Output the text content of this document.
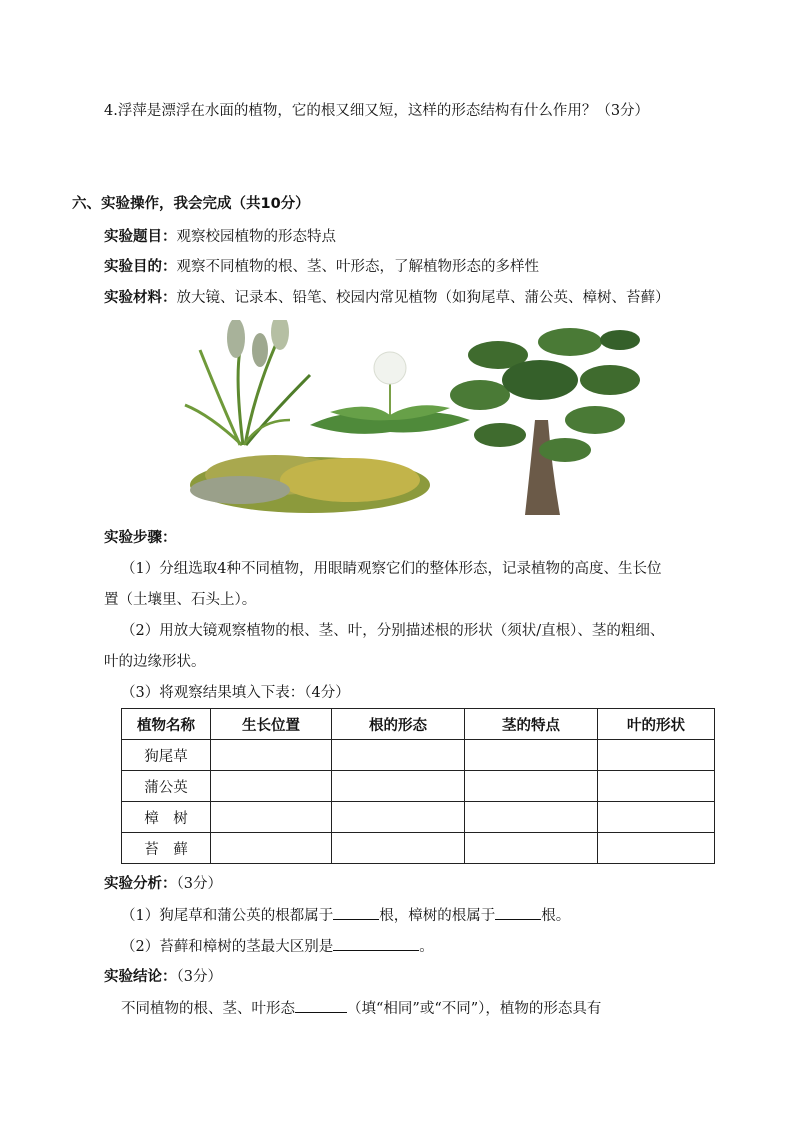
4.浮萍是漂浮在水面的植物，它的根又细又短，这样的形态结构有什么作用？（3分）
六、实验操作，我会完成（共10分）
实验题目：观察校园植物的形态特点
实验目的：观察不同植物的根、茎、叶形态，了解植物形态的多样性
实验材料：放大镜、记录本、铅笔、校园内常见植物（如狗尾草、蒲公英、樟树、苔藓）
实验步骤：
（1）分组选取4种不同植物，用眼睛观察它们的整体形态，记录植物的高度、生长位
置（土壤里、石头上）。
（2）用放大镜观察植物的根、茎、叶，分别描述根的形状（须状/直根）、茎的粗细、
叶的边缘形状。
（3）将观察结果填入下表：（4分）
植物名称	生长位置	根的形态	茎的特点	叶的形状
狗尾草				
蒲公英				
樟　树				
苔　藓				
实验分析：（3分）
（1）狗尾草和蒲公英的根都属于	根，樟树的根属于	根。
（2）苔藓和樟树的茎最大区别是	。
实验结论：（3分）
不同植物的根、茎、叶形态	（填“相同”或“不同”），植物的形态具有
